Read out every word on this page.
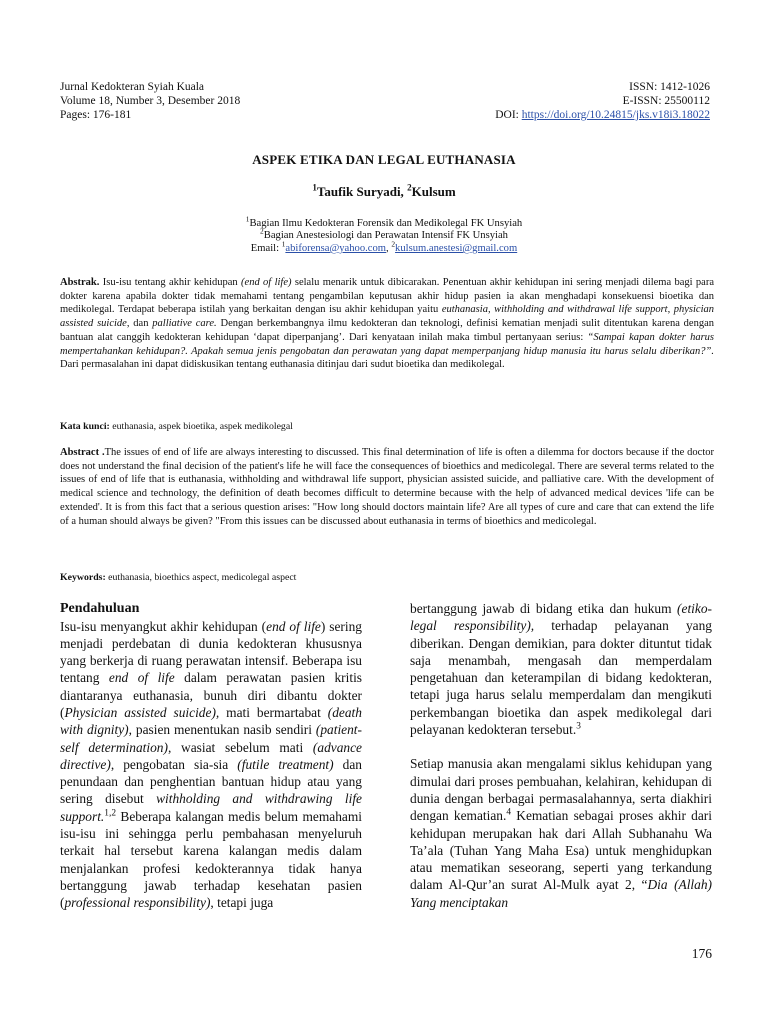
Jurnal Kedokteran Syiah Kuala
Volume 18, Number 3, Desember 2018
Pages: 176-181
ISSN: 1412-1026
E-ISSN: 25500112
DOI: https://doi.org/10.24815/jks.v18i3.18022
ASPEK ETIKA DAN LEGAL EUTHANASIA
$^1$Taufik Suryadi, $^2$Kulsum
$^1$Bagian Ilmu Kedokteran Forensik dan Medikolegal FK Unsyiah
$^2$Bagian Anestesiologi dan Perawatan Intensif FK Unsyiah
Email: $^1$abiforensa@yahoo.com, $^2$kulsum.anestesi@gmail.com
Abstrak. Isu-isu tentang akhir kehidupan (end of life) selalu menarik untuk dibicarakan. Penentuan akhir kehidupan ini sering menjadi dilema bagi para dokter karena apabila dokter tidak memahami tentang pengambilan keputusan akhir hidup pasien ia akan menghadapi konsekuensi bioetika dan medikolegal. Terdapat beberapa istilah yang berkaitan dengan isu akhir kehidupan yaitu euthanasia, withholding and withdrawal life support, physician assisted suicide, dan palliative care. Dengan berkembangnya ilmu kedokteran dan teknologi, definisi kematian menjadi sulit ditentukan karena dengan bantuan alat canggih kedokteran kehidupan ‘dapat diperpanjang’. Dari kenyataan inilah maka timbul pertanyaan serius: “Sampai kapan dokter harus mempertahankan kehidupan?. Apakah semua jenis pengobatan dan perawatan yang dapat memperpanjang hidup manusia itu harus selalu diberikan?”. Dari permasalahan ini dapat didiskusikan tentang euthanasia ditinjau dari sudut bioetika dan medikolegal.
Kata kunci: euthanasia, aspek bioetika, aspek medikolegal
Abstract .The issues of end of life are always interesting to discussed. This final determination of life is often a dilemma for doctors because if the doctor does not understand the final decision of the patient's life he will face the consequences of bioethics and medicolegal. There are several terms related to the issues of end of life that is euthanasia, withholding and withdrawal life support, physician assisted suicide, and palliative care. With the development of medical science and technology, the definition of death becomes difficult to determine because with the help of advanced medical devices 'life can be extended'. It is from this fact that a serious question arises: "How long should doctors maintain life? Are all types of cure and care that can extend the life of a human should always be given? "From this issues can be discussed about euthanasia in terms of bioethics and medicolegal.
Keywords: euthanasia, bioethics aspect, medicolegal aspect
Pendahuluan

Isu-isu menyangkut akhir kehidupan (end of life) sering menjadi perdebatan di dunia kedokteran khususnya yang berkerja di ruang perawatan intensif. Beberapa isu tentang end of life dalam perawatan pasien kritis diantaranya euthanasia, bunuh diri dibantu dokter (Physician assisted suicide), mati bermartabat (death with dignity), pasien menentukan nasib sendiri (patient-self determination), wasiat sebelum mati (advance directive), pengobatan sia-sia (futile treatment) dan penundaan dan penghentian bantuan hidup atau yang sering disebut withholding and withdrawing life support.$^{1,2}$ Beberapa kalangan medis belum memahami isu-isu ini sehingga perlu pembahasan menyeluruh terkait hal tersebut karena kalangan medis dalam menjalankan profesi kedokterannya tidak hanya bertanggung jawab terhadap kesehatan pasien (professional responsibility), tetapi juga

bertanggung jawab di bidang etika dan hukum (etiko-legal responsibility), terhadap pelayanan yang diberikan. Dengan demikian, para dokter dituntut tidak saja menambah, mengasah dan memperdalam pengetahuan dan keterampilan di bidang kedokteran, tetapi juga harus selalu memperdalam dan mengikuti perkembangan bioetika dan aspek medikolegal dari pelayanan kedokteran tersebut.$^3$

Setiap manusia akan mengalami siklus kehidupan yang dimulai dari proses pembuahan, kelahiran, kehidupan di dunia dengan berbagai permasalahannya, serta diakhiri dengan kematian.$^4$ Kematian sebagai proses akhir dari kehidupan merupakan hak dari Allah Subhanahu Wa Ta’ala (Tuhan Yang Maha Esa) untuk menghidupkan atau mematikan seseorang, seperti yang terkandung dalam Al-Qur’an surat Al-Mulk ayat 2, “Dia (Allah) Yang menciptakan

176
